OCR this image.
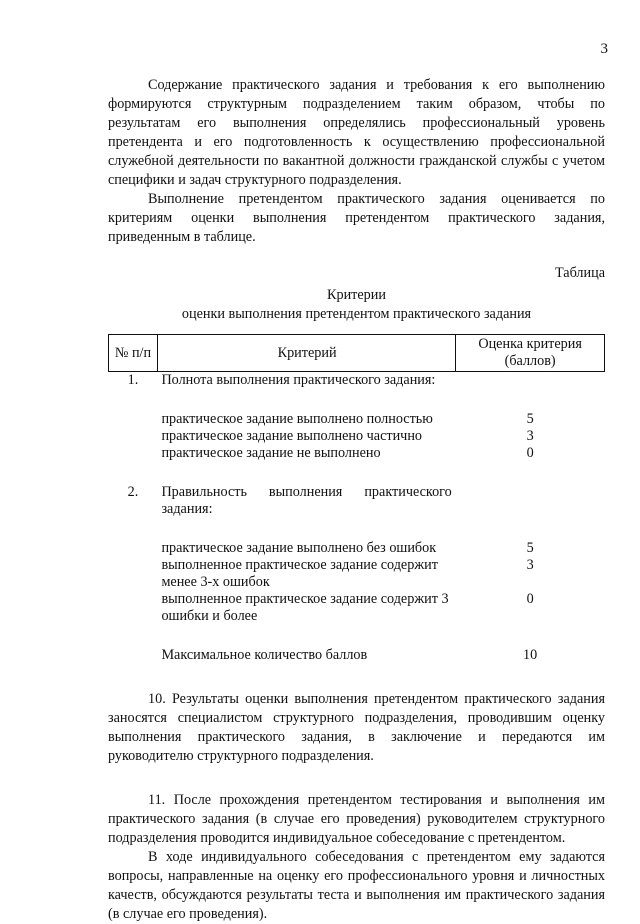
3

Содержание практического задания и требования к его выполнению формируются структурным подразделением таким образом, чтобы по результатам его выполнения определялись профессиональный уровень претендента и его подготовленность к осуществлению профессиональной служебной деятельности по вакантной должности гражданской службы с учетом специфики и задач структурного подразделения.

Выполнение претендентом практического задания оценивается по критериям оценки выполнения претендентом практического задания, приведенным в таблице.

Таблица
Критерии
оценки выполнения претендентом практического задания
№ п/п	Критерий	Оценка критерия (баллов)
1.	Полнота выполнения практического задания:	

	практическое задание выполнено полностью	5
	практическое задание выполнено частично	3
	практическое задание не выполнено	0

2.	Правильность выполнения практического задания:	

	практическое задание выполнено без ошибок	5
	выполненное практическое задание содержит менее 3-х ошибок	3
	выполненное практическое задание содержит 3 ошибки и более	0

	Максимальное количество баллов	10

10. Результаты оценки выполнения претендентом практического задания заносятся специалистом структурного подразделения, проводившим оценку выполнения практического задания, в заключение и передаются им руководителю структурного подразделения.

11. После прохождения претендентом тестирования и выполнения им практического задания (в случае его проведения) руководителем структурного подразделения проводится индивидуальное собеседование с претендентом.

В ходе индивидуального собеседования с претендентом ему задаются вопросы, направленные на оценку его профессионального уровня и личностных качеств, обсуждаются результаты теста и выполнения им практического задания (в случае его проведения).
